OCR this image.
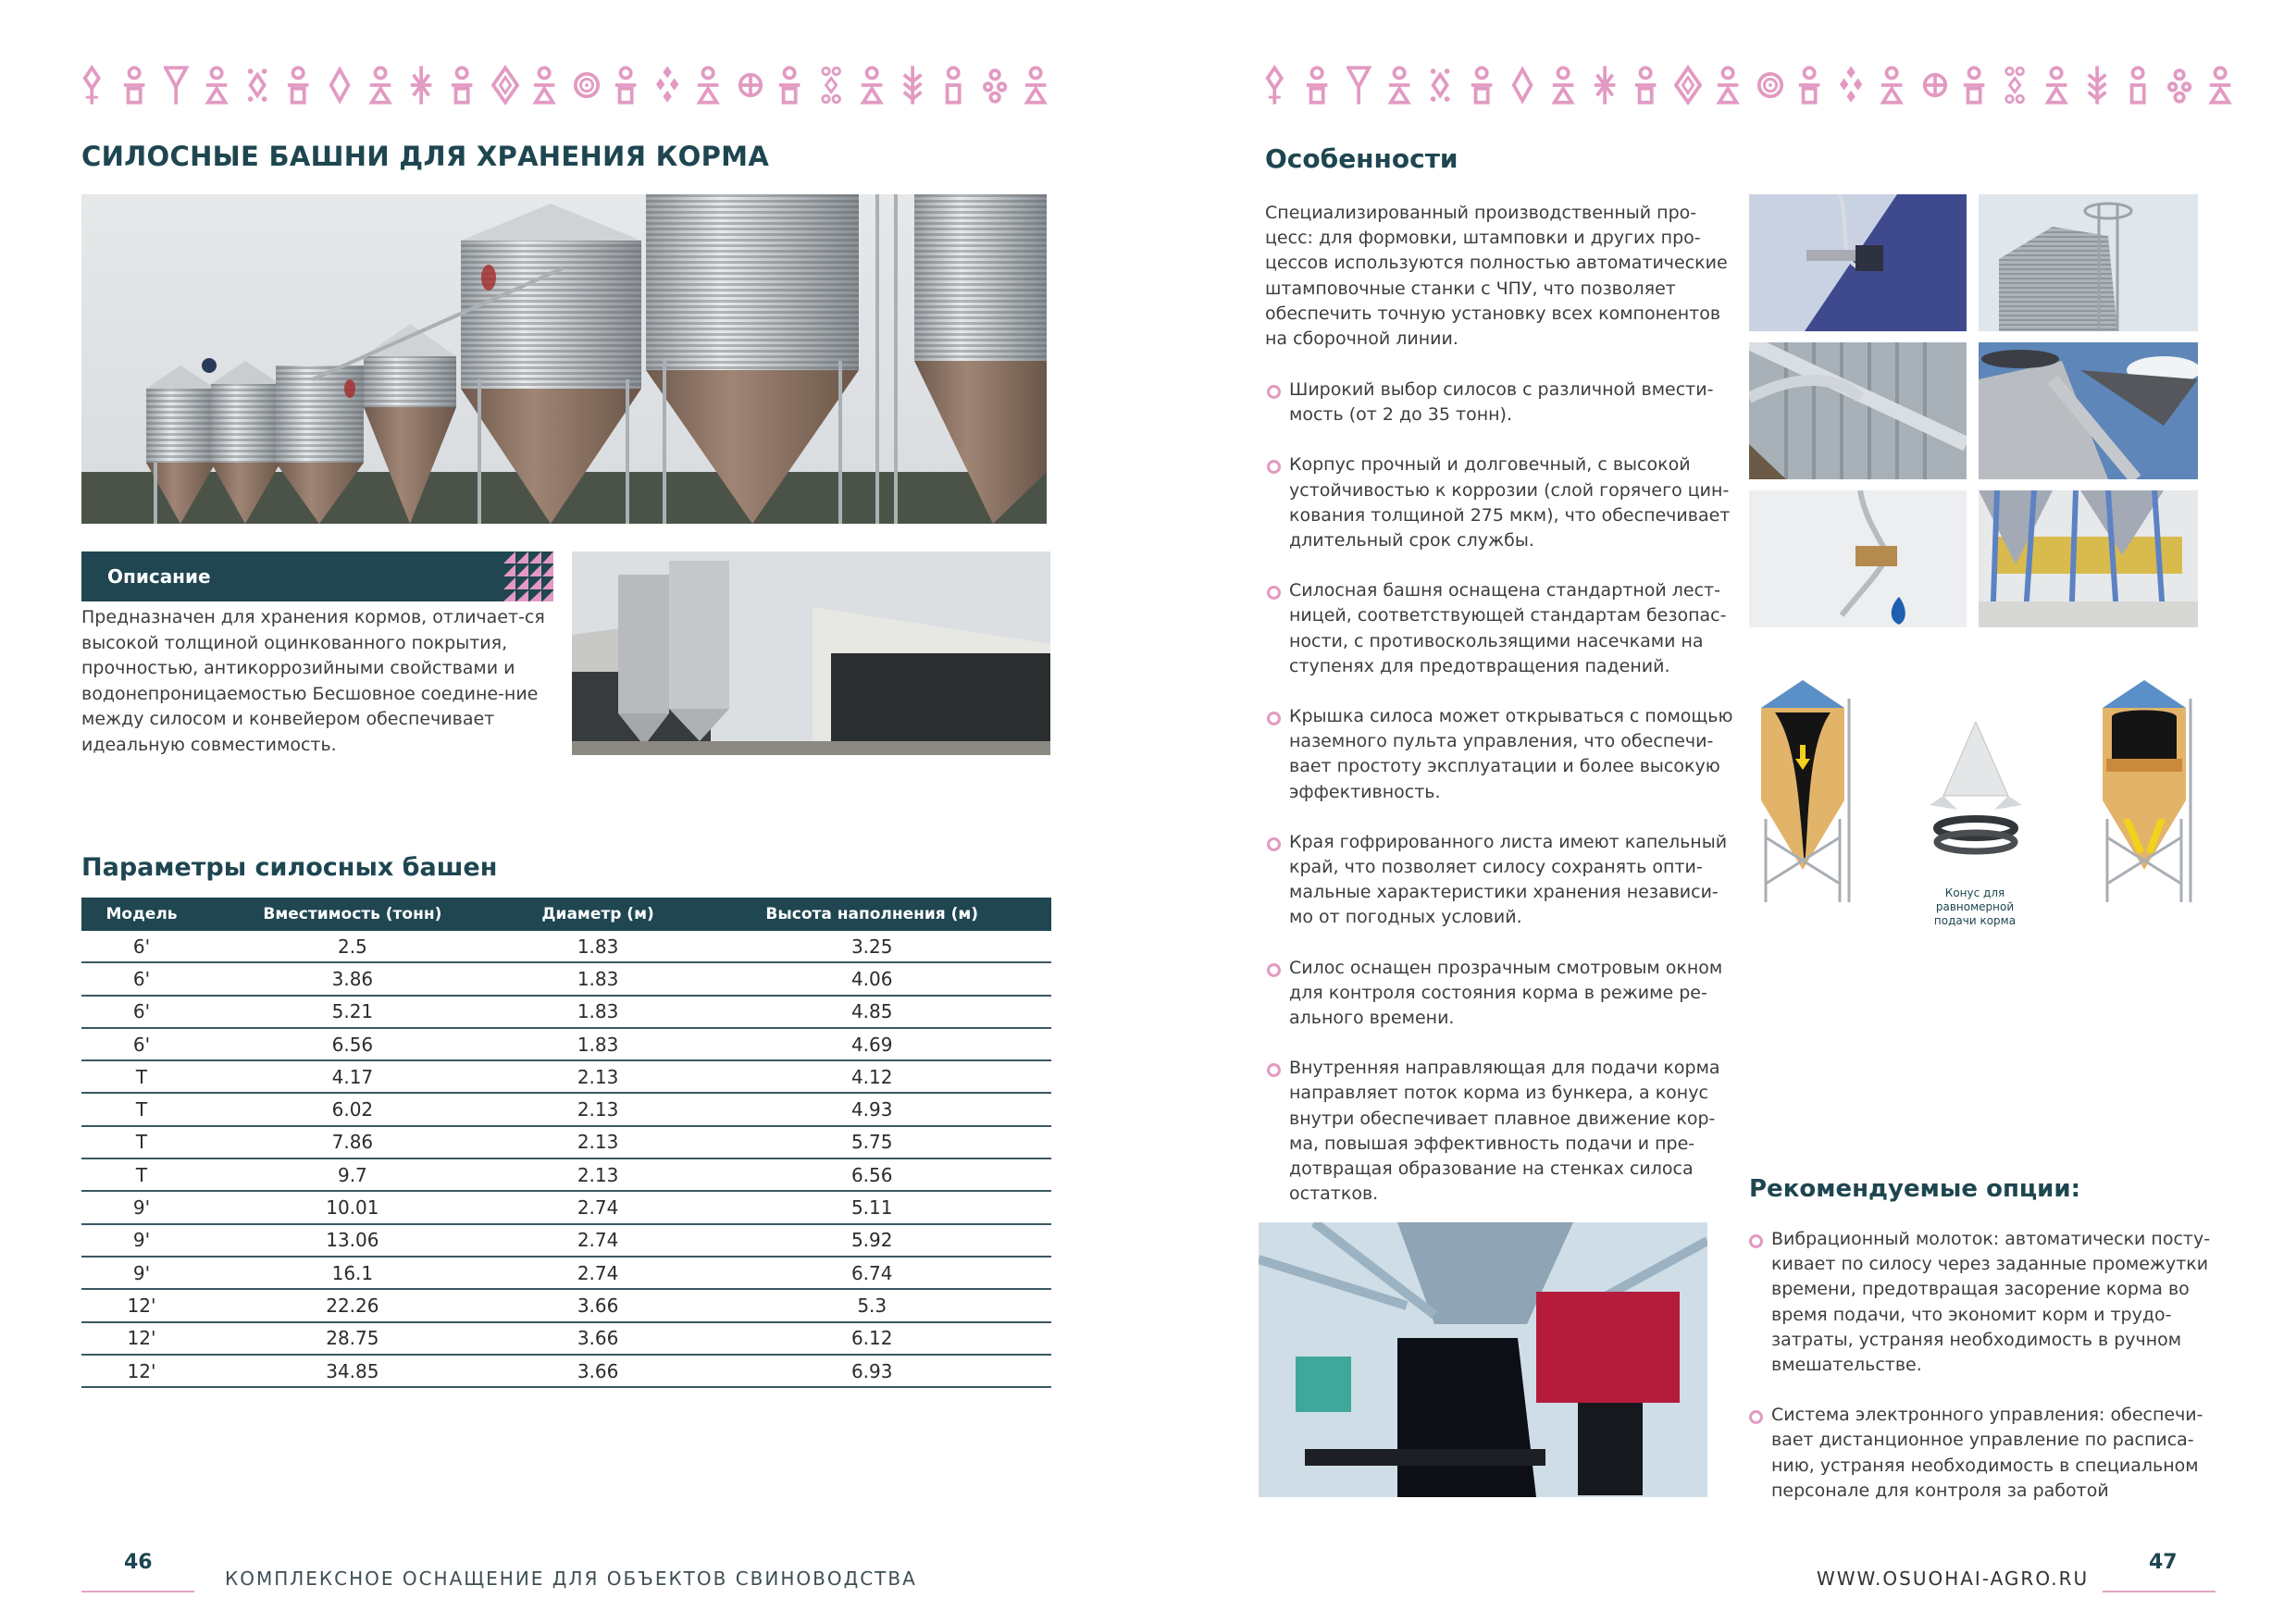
СИЛОСНЫЕ БАШНИ ДЛЯ ХРАНЕНИЯ КОРМА
Описание
Предназначен для хранения кормов, отличает-ся высокой толщиной оцинкованного покрытия, прочностью, антикоррозийными свойствами и водонепроницаемостью Бесшовное соедине-ние между силосом и конвейером обеспечивает идеальную совместимость.
Параметры силосных башен
Модель	Вместимость (тонн)	Диаметр (м)	Высота наполнения (м)
6'	2.5	1.83	3.25
6'	3.86	1.83	4.06
6'	5.21	1.83	4.85
6'	6.56	1.83	4.69
T	4.17	2.13	4.12
T	6.02	2.13	4.93
T	7.86	2.13	5.75
T	9.7	2.13	6.56
9'	10.01	2.74	5.11
9'	13.06	2.74	5.92
9'	16.1	2.74	6.74
12'	22.26	3.66	5.3
12'	28.75	3.66	6.12
12'	34.85	3.66	6.93
46
КОМПЛЕКСНОЕ ОСНАЩЕНИЕ ДЛЯ ОБЪЕКТОВ СВИНОВОДСТВА
Особенности
Специализированный производственный про-цесс: для формовки, штамповки и других про-цессов используются полностью автоматические штамповочные станки с ЧПУ, что позволяет обеспечить точную установку всех компонентов на сборочной линии.
Широкий выбор силосов с различной вмести-мость (от 2 до 35 тонн).
Корпус прочный и долговечный, с высокой устойчивостью к коррозии (слой горячего цин-кования толщиной 275 мкм), что обеспечивает длительный срок службы.
Силосная башня оснащена стандартной лест-ницей, соответствующей стандартам безопас-ности, с противоскользящими насечками на ступенях для предотвращения падений.
Крышка силоса может открываться с помощью наземного пульта управления, что обеспечи-вает простоту эксплуатации и более высокую эффективность.
Края гофрированного листа имеют капельный край, что позволяет силосу сохранять опти-мальные характеристики хранения независи-мо от погодных условий.
Силос оснащен прозрачным смотровым окном для контроля состояния корма в режиме ре-ального времени.
Внутренняя направляющая для подачи корма направляет поток корма из бункера, а конус внутри обеспечивает плавное движение кор-ма, повышая эффективность подачи и пре-дотвращая образование на стенках силоса остатков.
Конус для равномерной подачи корма
Рекомендуемые опции:
Вибрационный молоток: автоматически посту-кивает по силосу через заданные промежутки времени, предотвращая засорение корма во время подачи, что экономит корм и трудо-затраты, устраняя необходимость в ручном вмешательстве.
Система электронного управления: обеспечи-вает дистанционное управление по расписа-нию, устраняя необходимость в специальном персонале для контроля за работой
WWW.OSUOHAI-AGRO.RU
47
